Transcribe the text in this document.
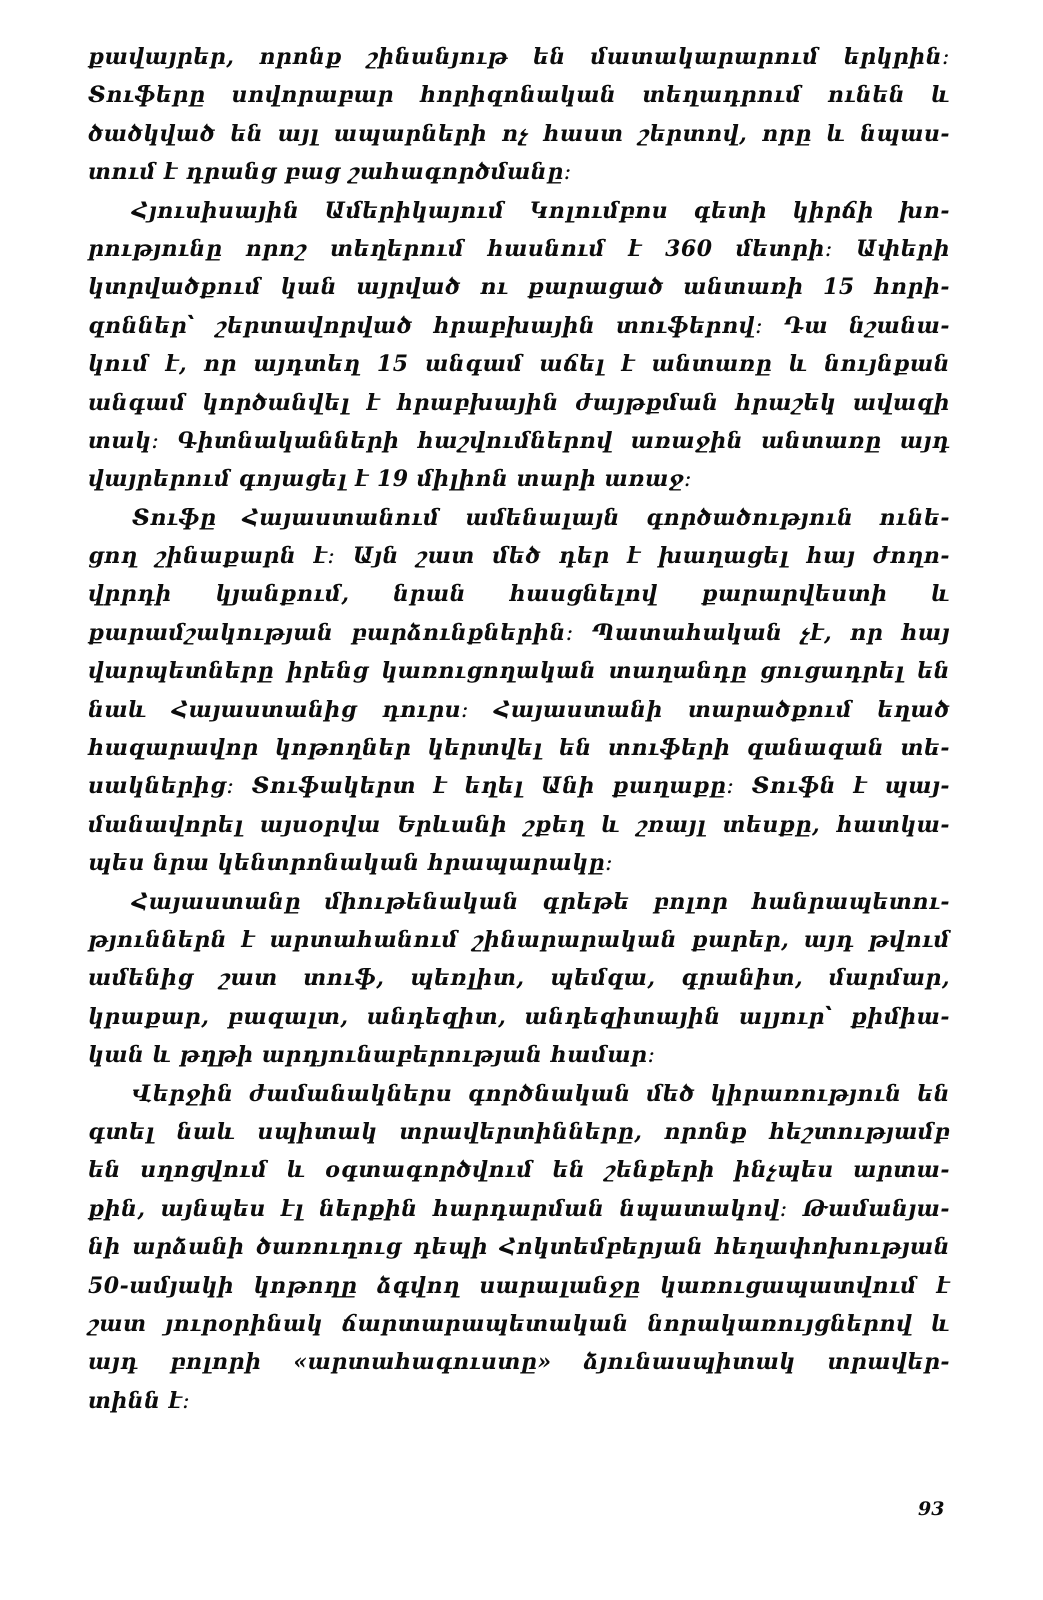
քավայրեր, որոնք շինանյութ են մատակարարում երկրին։
Տուֆերը սովորաբար հորիզոնական տեղադրում ունեն և
ծածկված են այլ ապարների ոչ հաստ շերտով, որը և նպաս-
տում է դրանց բաց շահագործմանը։
Հյուսիսային Ամերիկայում Կոլումբոս գետի կիրճի խո-
րությունը որոշ տեղերում հասնում է 360 մետրի։ Ափերի
կտրվածքում կան այրված ու քարացած անտառի 15 հորի-
զոններ՝ շերտավորված հրաբխային տուֆերով։ Դա նշանա-
կում է, որ այդտեղ 15 անգամ աճել է անտառը և նույնքան
անգամ կործանվել է հրաբխային ժայթքման հրաշեկ ավազի
տակ։ Գիտնականների հաշվումներով առաջին անտառը այդ
վայրերում գոյացել է 19 միլիոն տարի առաջ։
Տուֆը Հայաստանում ամենալայն գործածություն ունե-
ցող շինաքարն է։ Այն շատ մեծ դեր է խաղացել հայ ժողո-
վրրդի կյանքում, նրան հասցնելով քարարվեստի և
քարամշակության բարձունքներին։ Պատահական չէ, որ հայ
վարպետները իրենց կառուցողական տաղանդը ցուցադրել են
նաև Հայաստանից դուրս։ Հայաստանի տարածքում եղած
հազարավոր կոթողներ կերտվել են տուֆերի զանազան տե-
սակներից։ Տուֆակերտ է եղել Անի քաղաքը։ Տուֆն է պայ-
մանավորել այսօրվա Երևանի շքեղ և շռայլ տեսքը, հատկա-
պես նրա կենտրոնական հրապարակը։
Հայաստանը միութենական գրեթե բոլոր հանրապետու-
թյուններն է արտահանում շինարարական քարեր, այդ թվում
ամենից շատ տուֆ, պեռլիտ, պեմզա, գրանիտ, մարմար,
կրաքար, բազալտ, անդեզիտ, անդեզիտային ալյուր՝ քիմիա-
կան և թղթի արդյունաբերության համար։
Վերջին ժամանակներս գործնական մեծ կիրառություն են
գտել նաև սպիտակ տրավերտինները, որոնք հեշտությամբ
են սղոցվում և օգտագործվում են շենքերի ինչպես արտա-
քին, այնպես էլ ներքին հարդարման նպատակով։ Թամանյա-
նի արձանի ծառուղուց դեպի Հոկտեմբերյան հեղափոխության
50-ամյակի կոթողը ձգվող սարալանջը կառուցապատվում է
շատ յուրօրինակ ճարտարապետական նորակառույցներով և
այդ բոլորի «արտահագուստը» ձյունասպիտակ տրավեր-
տինն է։
93
